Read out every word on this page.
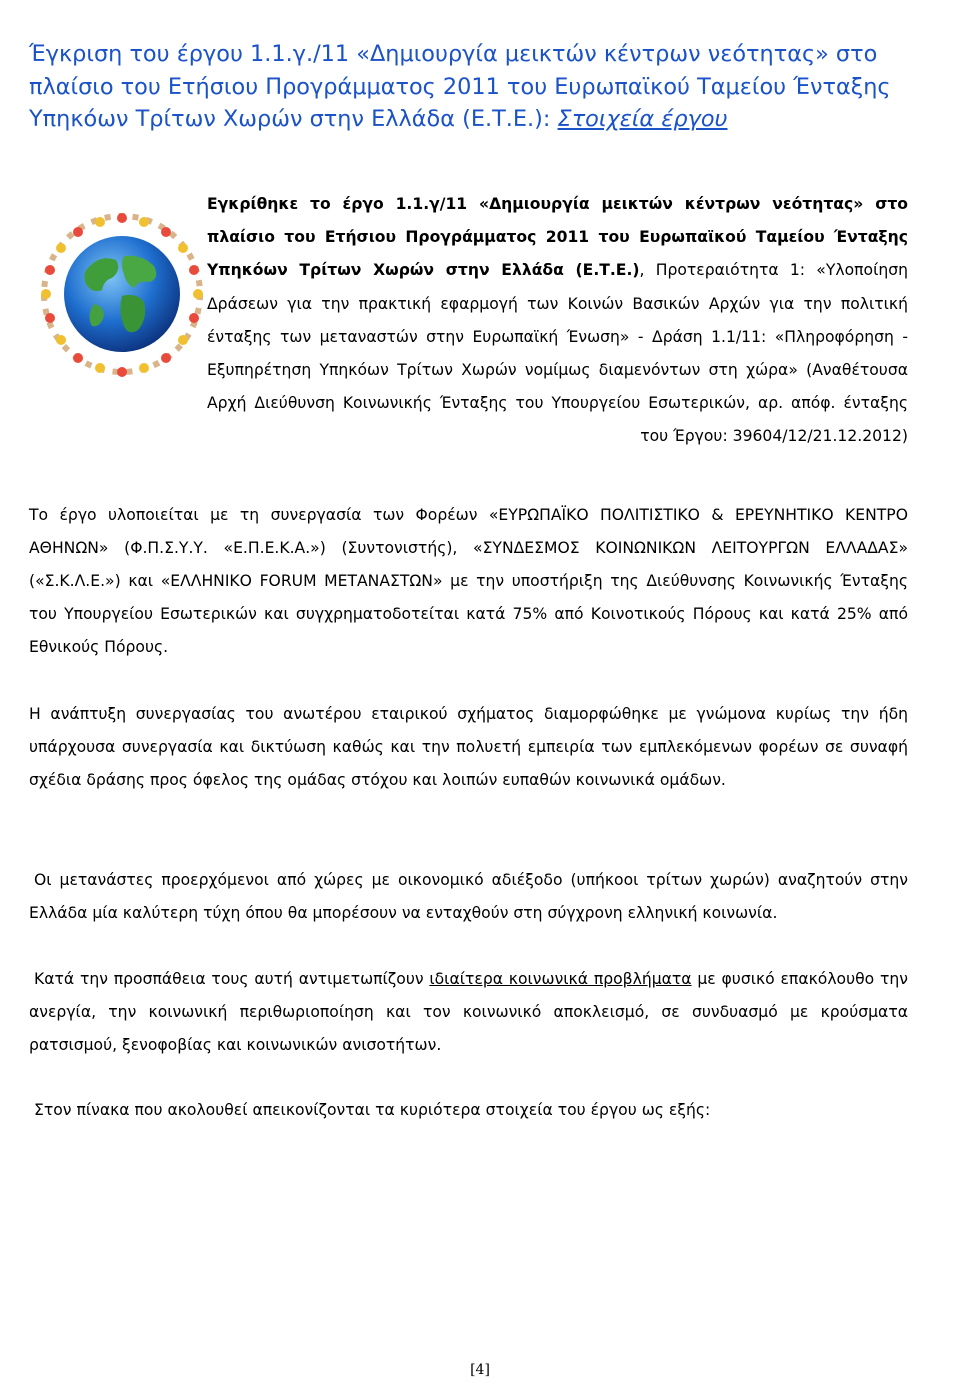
Έγκριση του έργου 1.1.γ./11 «Δημιουργία μεικτών κέντρων νεότητας» στο πλαίσιο του Ετήσιου Προγράμματος 2011 του Ευρωπαϊκού Ταμείου Ένταξης Υπηκόων Τρίτων Χωρών στην Ελλάδα (Ε.Τ.Ε.): Στοιχεία έργου
Εγκρίθηκε το έργο 1.1.γ/11 «Δημιουργία μεικτών κέντρων νεότητας» στο πλαίσιο του Ετήσιου Προγράμματος 2011 του Ευρωπαϊκού Ταμείου Ένταξης Υπηκόων Τρίτων Χωρών στην Ελλάδα (Ε.Τ.Ε.), Προτεραιότητα 1: «Υλοποίηση Δράσεων για την πρακτική εφαρμογή των Κοινών Βασικών Αρχών για την πολιτική ένταξης των μεταναστών στην Ευρωπαϊκή Ένωση» - Δράση 1.1/11: «Πληροφόρηση - Εξυπηρέτηση Υπηκόων Τρίτων Χωρών νομίμως διαμενόντων στη χώρα» (Αναθέτουσα Αρχή Διεύθυνση Κοινωνικής Ένταξης του Υπουργείου Εσωτερικών, αρ. απόφ. ένταξης του Έργου: 39604/12/21.12.2012)

Το έργο υλοποιείται με τη συνεργασία των Φορέων «ΕΥΡΩΠΑΪΚΟ ΠΟΛΙΤΙΣΤΙΚΟ & ΕΡΕΥΝΗΤΙΚΟ ΚΕΝΤΡΟ ΑΘΗΝΩΝ» (Φ.Π.Σ.Υ.Υ. «Ε.Π.Ε.Κ.Α.») (Συντονιστής), «ΣΥΝΔΕΣΜΟΣ ΚΟΙΝΩΝΙΚΩΝ ΛΕΙΤΟΥΡΓΩΝ ΕΛΛΑΔΑΣ» («Σ.Κ.Λ.Ε.») και «ΕΛΛΗΝΙΚΟ FORUM ΜΕΤΑΝΑΣΤΩΝ» με την υποστήριξη της Διεύθυνσης Κοινωνικής Ένταξης του Υπουργείου Εσωτερικών και συγχρηματοδοτείται κατά 75% από Κοινοτικούς Πόρους και κατά 25% από Εθνικούς Πόρους.

Η ανάπτυξη συνεργασίας του ανωτέρου εταιρικού σχήματος διαμορφώθηκε με γνώμονα κυρίως την ήδη υπάρχουσα συνεργασία και δικτύωση καθώς και την πολυετή εμπειρία των εμπλεκόμενων φορέων σε συναφή σχέδια δράσης προς όφελος της ομάδας στόχου και λοιπών ευπαθών κοινωνικά ομάδων.

Οι μετανάστες προερχόμενοι από χώρες με οικονομικό αδιέξοδο (υπήκοοι τρίτων χωρών) αναζητούν στην Ελλάδα μία καλύτερη τύχη όπου θα μπορέσουν να ενταχθούν στη σύγχρονη ελληνική κοινωνία.

Κατά την προσπάθεια τους αυτή αντιμετωπίζουν ιδιαίτερα κοινωνικά προβλήματα με φυσικό επακόλουθο την ανεργία, την κοινωνική περιθωριοποίηση και τον κοινωνικό αποκλεισμό, σε συνδυασμό με κρούσματα ρατσισμού, ξενοφοβίας και κοινωνικών ανισοτήτων.

Στον πίνακα που ακολουθεί απεικονίζονται τα κυριότερα στοιχεία του έργου ως εξής:

[4]
